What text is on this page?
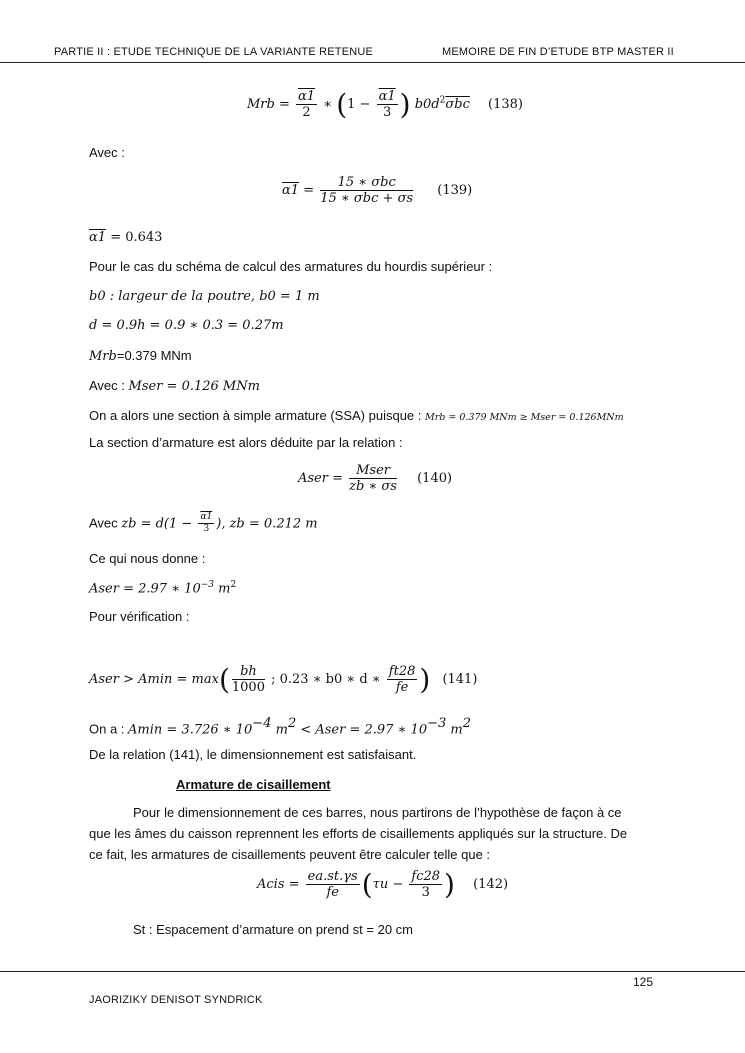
PARTIE II : ETUDE TECHNIQUE DE LA VARIANTE RETENUE	MEMOIRE DE FIN D’ETUDE BTP MASTER II
Mrb = $\frac{\alpha 1}{2}$ ∗ ($1 - \frac{\alpha 1}{3}$ ) $b0d^2\overline{\sigma bc}$ (138)
Avec :
$\alpha 1 = \frac{\text{15 ∗ σbc}}{15 ∗ \overline{\sigma bc} + \overline{\sigma s}} (139)$
α1 = 0.643
Pour le cas du schéma de calcul des armatures du hourdis supérieur :
b0 : largeur de la poutre, b0 = 1 m
d = 0.9h = 0.9 ∗ 0.3 = 0.27m
Mrb=0.379 MNm
Avec : Mser = 0.126 MNm
On a alors une section à simple armature (SSA) puisque : Mrb = 0.379 MNm ≥ Mser = 0.126MNm
La section d’armature est alors déduite par la relation :
Aser = $\frac{\text{Mser}}{zb ∗ \overline{\sigma s}} (140)$
Avec zb = $d(1 - \frac{\alpha 1}{3}$ ), zb = 0.212 m
Ce qui nous donne :
Aser = 2.97 ∗ $10^{-3}$ $m^2$
Pour vérification :
Aser > $Amin = \max( \frac{bh}{1000}$ ; 0.23 ∗ b0 ∗ d ∗ $\frac{ft28}{fe}$ ) (141)
On a : Amin = 3.726 ∗ $10^{-4}$ $m^2$ < Aser = 2.97 ∗ $10^{-3}$ $m^2$
De la relation (141), le dimensionnement est satisfaisant.
Armature de cisaillement
Pour le dimensionnement de ces barres, nous partirons de l’hypothèse de façon à ce
que les âmes du caisson reprennent les efforts de cisaillements appliqués sur la structure. De
ce fait, les armatures de cisaillements peuvent être calculer telle que :
Acis = $\frac{ea.st.\gamma s}{fe} (\tau u - \frac{fc28}{3}$ ) (142)
St : Espacement d’armature on prend st = 20 cm
125
JAORIZIKY DENISOT SYNDRICK
